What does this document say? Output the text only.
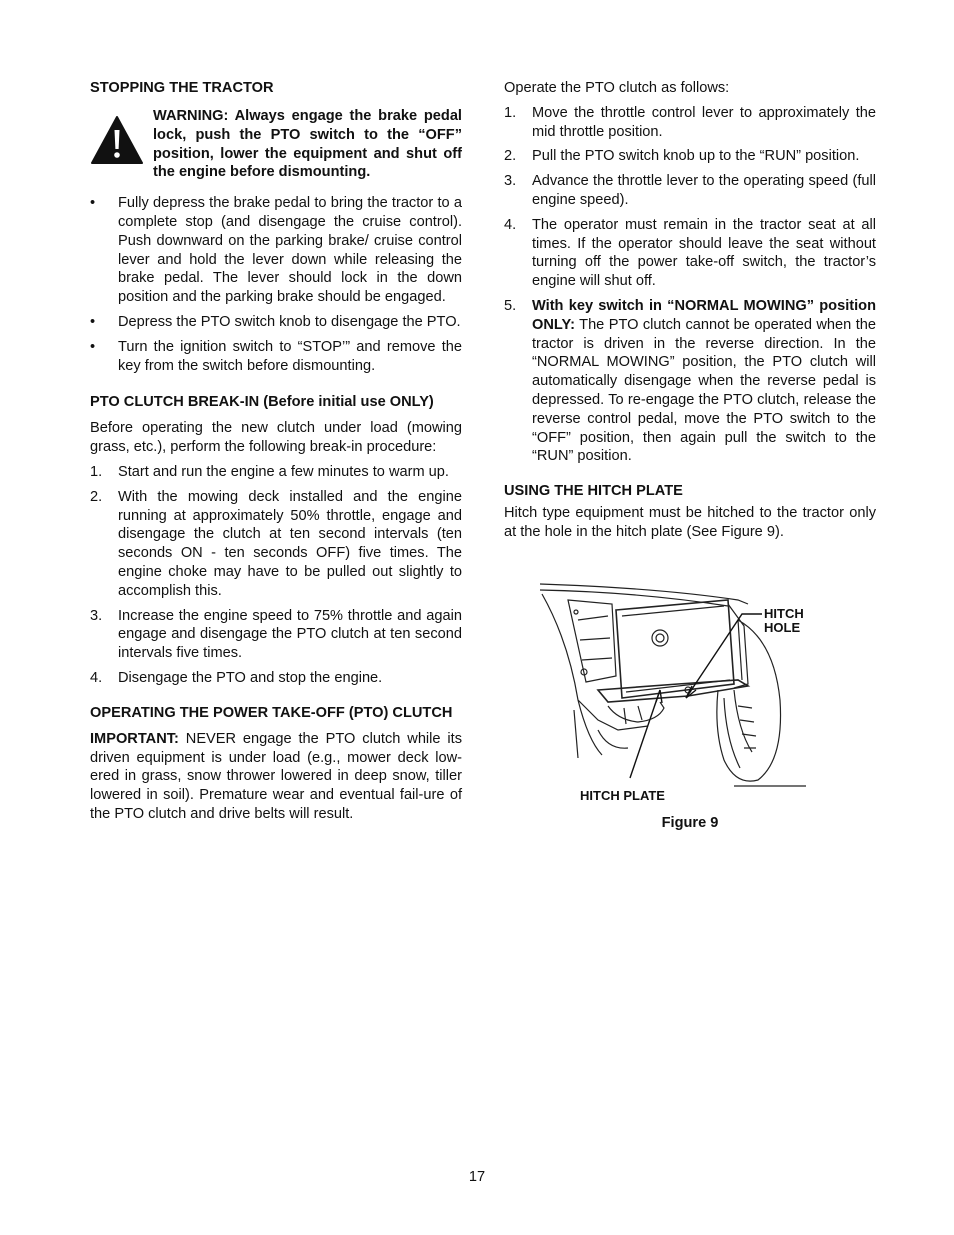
STOPPING THE TRACTOR
WARNING: Always engage the brake pedal lock, push the PTO switch to the “OFF” position, lower the equipment and shut off the engine before dismounting.
• Fully depress the brake pedal to bring the tractor to a complete stop (and disengage the cruise control). Push downward on the parking brake/ cruise control lever and hold the lever down while releasing the brake pedal. The lever should lock in the down position and the parking brake should be engaged.
• Depress the PTO switch knob to disengage the PTO.
• Turn the ignition switch to “STOP’” and remove the key from the switch before dismounting.
PTO CLUTCH BREAK-IN (Before initial use ONLY)

Before operating the new clutch under load (mowing grass, etc.), perform the following break-in procedure:

1. Start and run the engine a few minutes to warm up.
2. With the mowing deck installed and the engine running at approximately 50% throttle, engage and disengage the clutch at ten second intervals (ten seconds ON - ten seconds OFF) five times. The engine choke may have to be pulled out slightly to accomplish this.
3. Increase the engine speed to 75% throttle and again engage and disengage the PTO clutch at ten second intervals five times.
4. Disengage the PTO and stop the engine.
OPERATING THE POWER TAKE-OFF (PTO) CLUTCH

IMPORTANT: NEVER engage the PTO clutch while its driven equipment is under load (e.g., mower deck low-ered in grass, snow thrower lowered in deep snow, tiller lowered in soil). Premature wear and eventual fail-ure of the PTO clutch and drive belts will result.

Operate the PTO clutch as follows:

1. Move the throttle control lever to approximately the mid throttle position.
2. Pull the PTO switch knob up to the “RUN” position.
3. Advance the throttle lever to the operating speed (full engine speed).
4. The operator must remain in the tractor seat at all times. If the operator should leave the seat without turning off the power take-off switch, the tractor’s engine will shut off.
5. With key switch in “NORMAL MOWING” position ONLY: The PTO clutch cannot be operated when the tractor is driven in the reverse direction. In the “NORMAL MOWING” position, the PTO clutch will automatically disengage when the reverse pedal is depressed. To re-engage the PTO clutch, release the reverse control pedal, move the PTO switch to the “OFF” position, then again pull the switch to the “RUN” position.
USING THE HITCH PLATE

Hitch type equipment must be hitched to the tractor only at the hole in the hitch plate (See Figure 9).

HITCH
HOLE
HITCH PLATE
Figure 9
17
